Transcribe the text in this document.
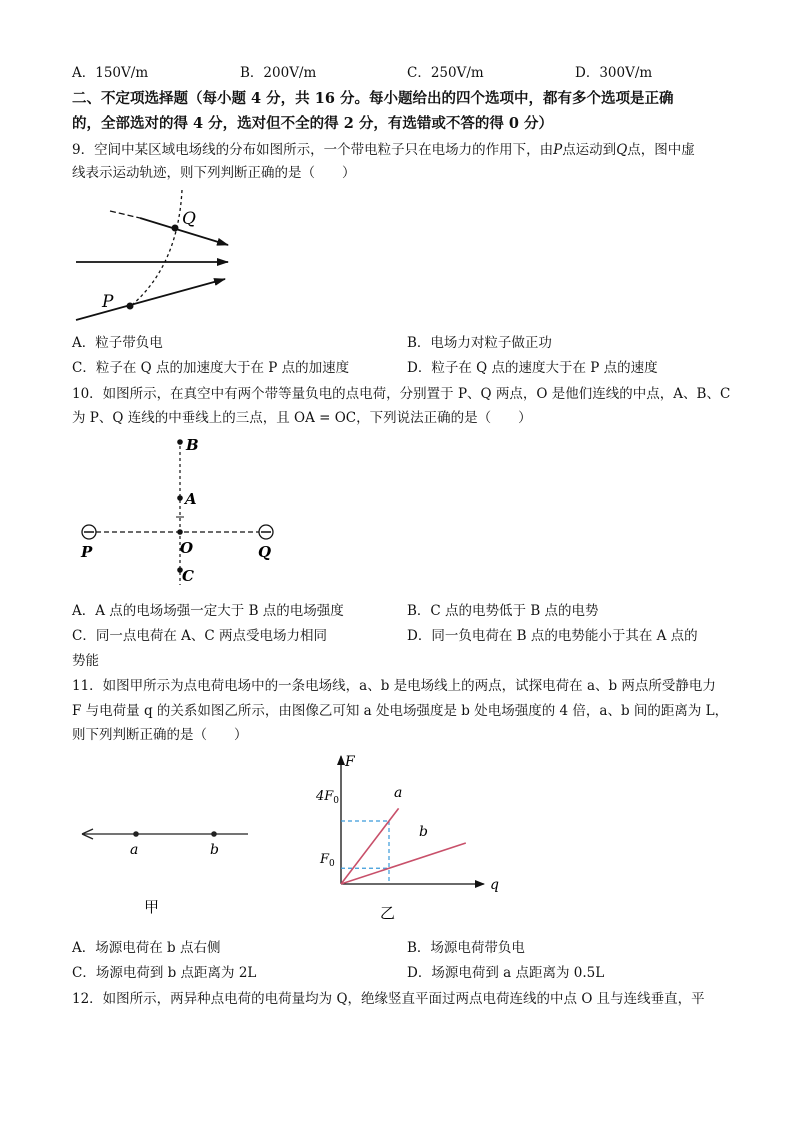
A．150V/m	B．200V/m	C．250V/m	D．300V/m
二、不定项选择题（每小题 4 分，共 16 分。每小题给出的四个选项中，都有多个选项是正确
的，全部选对的得 4 分，选对但不全的得 2 分，有选错或不答的得 0 分）
9．空间中某区域电场线的分布如图所示，一个带电粒子只在电场力的作用下，由P点运动到Q点，图中虚
线表示运动轨迹，则下列判断正确的是（　　）
Q
P
A．粒子带负电	B．电场力对粒子做正功
C．粒子在 Q 点的加速度大于在 P 点的加速度	D．粒子在 Q 点的速度大于在 P 点的速度
10．如图所示，在真空中有两个带等量负电的点电荷，分别置于 P、Q 两点，O 是他们连线的中点，A、B、C
为 P、Q 连线的中垂线上的三点，且 OA = OC，下列说法正确的是（　　）
B
A
O
C
P	Q
A．A 点的电场场强一定大于 B 点的电场强度	B．C 点的电势低于 B 点的电势
C．同一点电荷在 A、C 两点受电场力相同	D．同一负电荷在 B 点的电势能小于其在 A 点的
势能
11．如图甲所示为点电荷电场中的一条电场线，a、b 是电场线上的两点，试探电荷在 a、b 两点所受静电力
F 与电荷量 q 的关系如图乙所示，由图像乙可知 a 处电场强度是 b 处电场强度的 4 倍，a、b 间的距离为 L，
则下列判断正确的是（　　）
a	b
甲
F
q
$4F_0$
$F_0$
a
b
乙
A．场源电荷在 b 点右侧	B．场源电荷带负电
C．场源电荷到 b 点距离为 2L	D．场源电荷到 a 点距离为 0.5L
12．如图所示，两异种点电荷的电荷量均为 Q，绝缘竖直平面过两点电荷连线的中点 O 且与连线垂直，平
